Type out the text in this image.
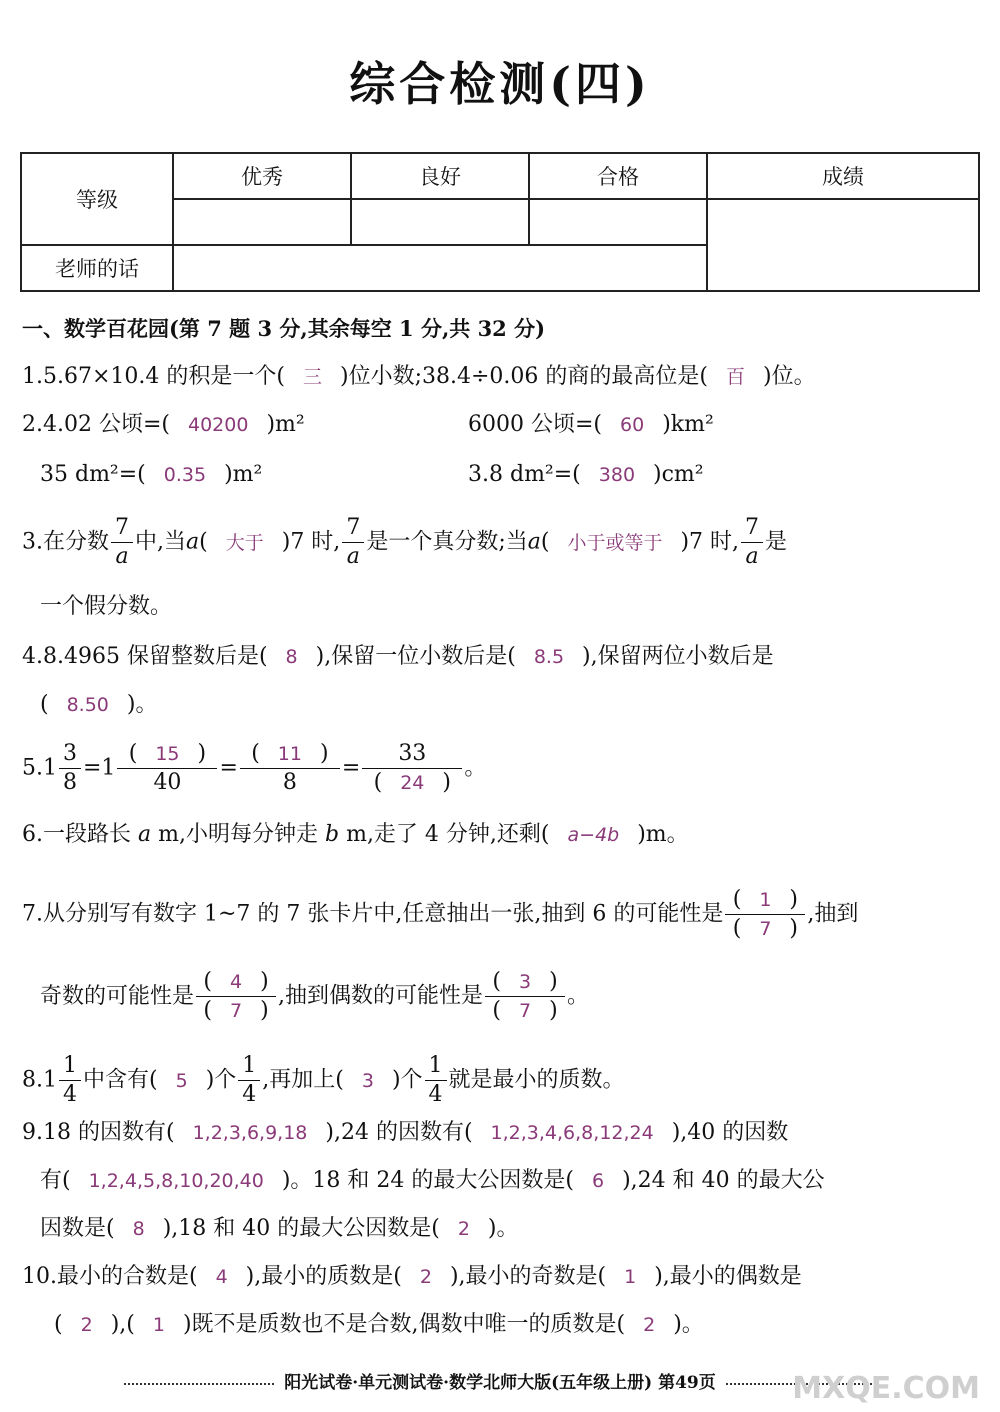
综合检测(四)
等级	优秀	良好	合格	成绩

老师的话				
一、数学百花园(第 7 题 3 分,其余每空 1 分,共 32 分)
1.5.67×10.4 的积是一个( 三 )位小数;38.4÷0.06 的商的最高位是( 百 )位。
2.4.02 公顷=( 40200 )m²	6000 公顷=( 60 )km²
35 dm²=( 0.35 )m²	3.8 dm²=( 380 )cm²
3.在分数 $\frac{7}{a}$ 中,当a( 大于 )7 时, $\frac{7}{a}$ 是一个真分数;当a( 小于或等于 )7 时, $\frac{7}{a}$ 是
一个假分数。
4.8.4965 保留整数后是( 8 ),保留一位小数后是( 8.5 ),保留两位小数后是
( 8.50 )。
$5.1 \frac{3}{8} =1 \frac{( 15 )}{40} = \frac{( 11 )}{8} = \frac{33}{( 24 )}$ 。
6.一段路长 a m,小明每分钟走 b m,走了 4 分钟,还剩( a−4b )m。
7.从分别写有数字 1~7 的 7 张卡片中,任意抽出一张,抽到 6 的可能性是 $\frac{( 1 )}{( 7 )}$ ,抽到
奇数的可能性是 $\frac{( 4 )}{( 7 )}$ ,抽到偶数的可能性是 $\frac{( 3 )}{( 7 )}$ 。
$8.1 \frac{1}{4}$ 中含有( 5 )个 $\frac{1}{4}$ ,再加上( 3 )个 $\frac{1}{4}$ 就是最小的质数。
9.18 的因数有( 1,2,3,6,9,18 ),24 的因数有( 1,2,3,4,6,8,12,24 ),40 的因数
有( 1,2,4,5,8,10,20,40 )。18 和 24 的最大公因数是( 6 ),24 和 40 的最大公
因数是( 8 ),18 和 40 的最大公因数是( 2 )。
10.最小的合数是( 4 ),最小的质数是( 2 ),最小的奇数是( 1 ),最小的偶数是
( 2 ),( 1 )既不是质数也不是合数,偶数中唯一的质数是( 2 )。
阳光试卷·单元测试卷·数学北师大版(五年级上册) 第49页	MXQE.COM
